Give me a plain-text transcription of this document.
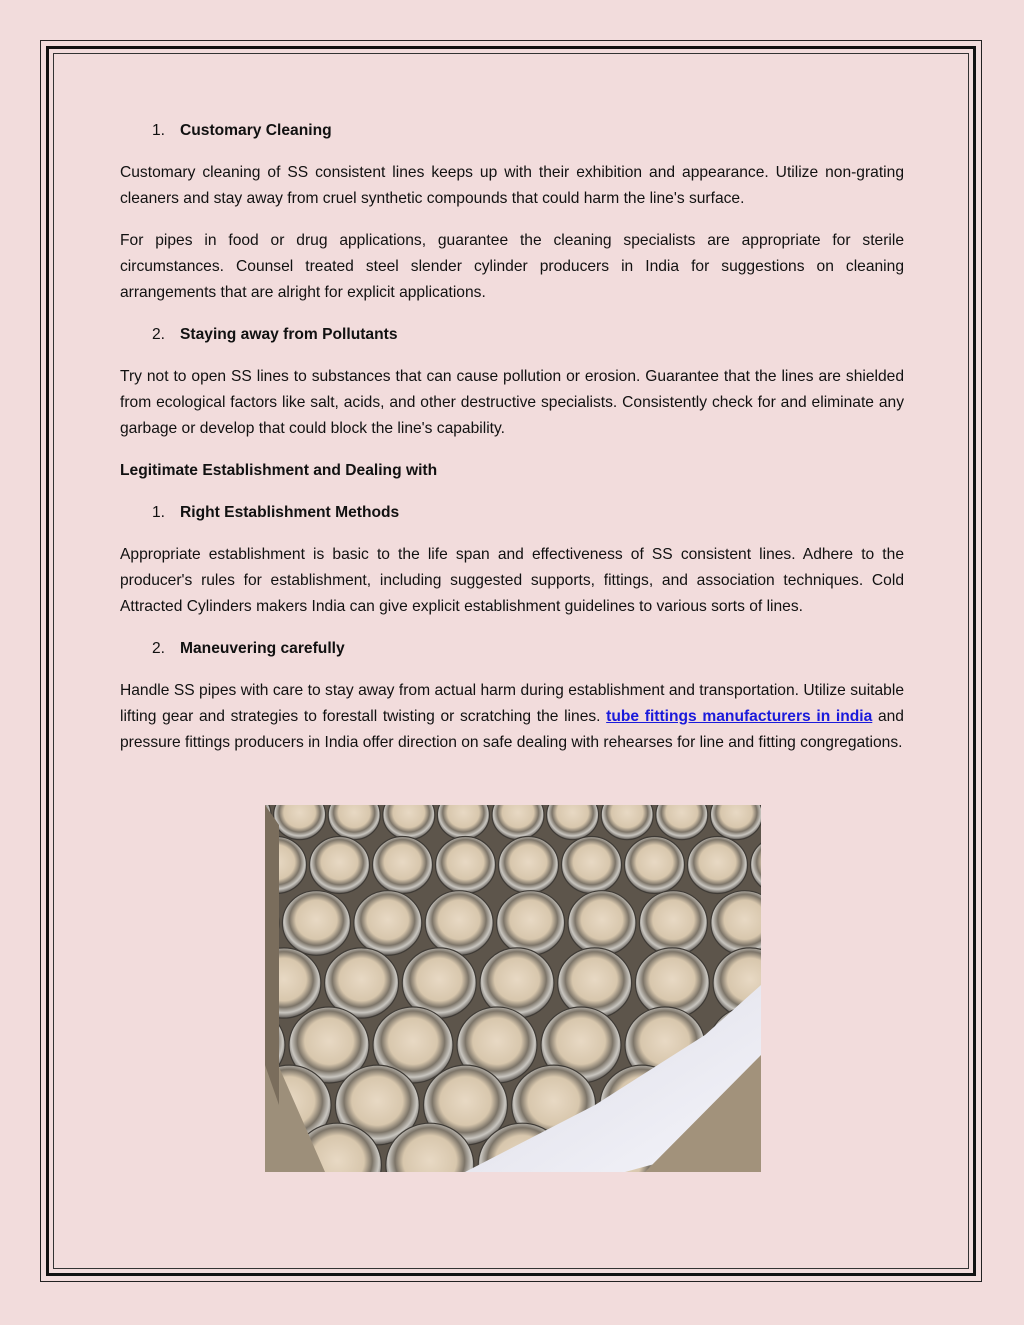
1. Customary Cleaning

Customary cleaning of SS consistent lines keeps up with their exhibition and appearance. Utilize non-grating cleaners and stay away from cruel synthetic compounds that could harm the line's surface.

For pipes in food or drug applications, guarantee the cleaning specialists are appropriate for sterile circumstances. Counsel treated steel slender cylinder producers in India for suggestions on cleaning arrangements that are alright for explicit applications.

2. Staying away from Pollutants

Try not to open SS lines to substances that can cause pollution or erosion. Guarantee that the lines are shielded from ecological factors like salt, acids, and other destructive specialists. Consistently check for and eliminate any garbage or develop that could block the line's capability.

Legitimate Establishment and Dealing with
1. Right Establishment Methods

Appropriate establishment is basic to the life span and effectiveness of SS consistent lines. Adhere to the producer's rules for establishment, including suggested supports, fittings, and association techniques. Cold Attracted Cylinders makers India can give explicit establishment guidelines to various sorts of lines.

2. Maneuvering carefully

Handle SS pipes with care to stay away from actual harm during establishment and transportation. Utilize suitable lifting gear and strategies to forestall twisting or scratching the lines. tube fittings manufacturers in india and pressure fittings producers in India offer direction on safe dealing with rehearses for line and fitting congregations.
